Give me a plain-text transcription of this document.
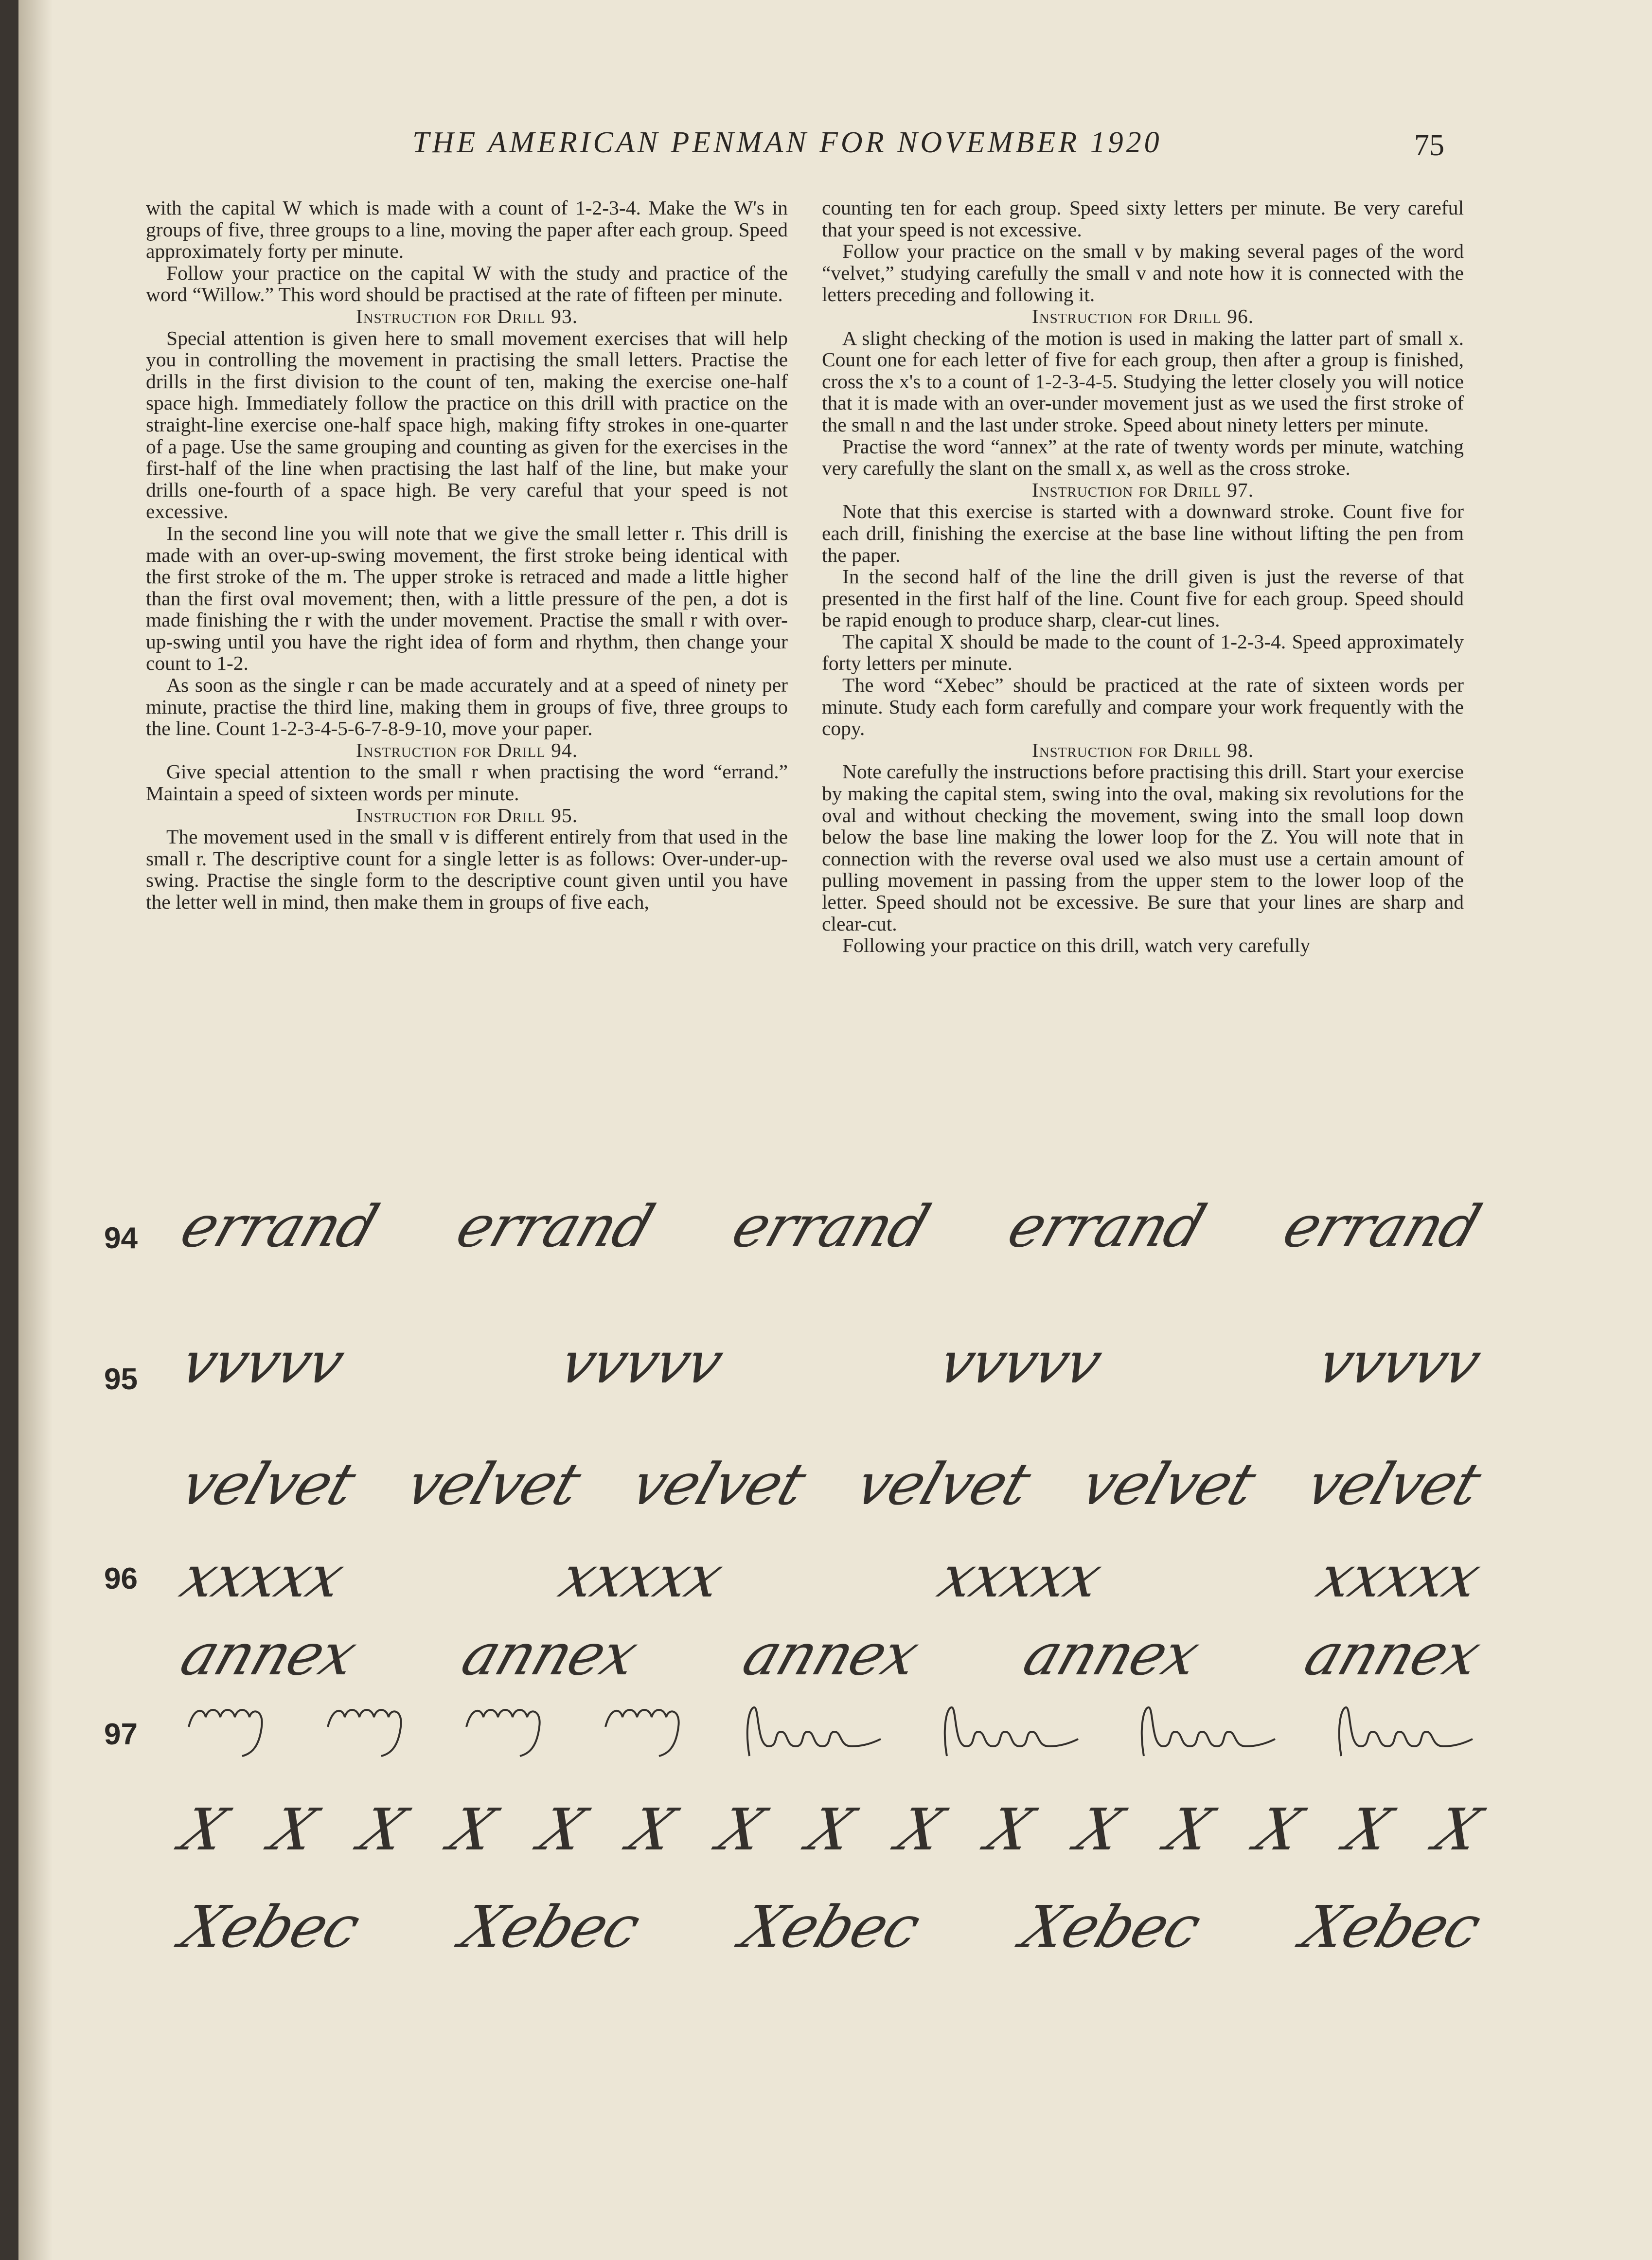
THE AMERICAN PENMAN FOR NOVEMBER 1920	75

with the capital W which is made with a count of 1-2-3-4. Make the W's in groups of five, three groups to a line, moving the paper after each group. Speed approximately forty per minute.

Follow your practice on the capital W with the study and practice of the word “Willow.” This word should be practised at the rate of fifteen per minute.

Instruction for Drill 93.

Special attention is given here to small movement exercises that will help you in controlling the movement in practising the small letters. Practise the drills in the first division to the count of ten, making the exercise one-half space high. Immediately follow the practice on this drill with practice on the straight-line exercise one-half space high, making fifty strokes in one-quarter of a page. Use the same grouping and counting as given for the exercises in the first-half of the line when practising the last half of the line, but make your drills one-fourth of a space high. Be very careful that your speed is not excessive.

In the second line you will note that we give the small letter r. This drill is made with an over-up-swing movement, the first stroke being identical with the first stroke of the m. The upper stroke is retraced and made a little higher than the first oval movement; then, with a little pressure of the pen, a dot is made finishing the r with the under movement. Practise the small r with over-up-swing until you have the right idea of form and rhythm, then change your count to 1-2.

As soon as the single r can be made accurately and at a speed of ninety per minute, practise the third line, making them in groups of five, three groups to the line. Count 1-2-3-4-5-6-7-8-9-10, move your paper.

Instruction for Drill 94.

Give special attention to the small r when practising the word “errand.” Maintain a speed of sixteen words per minute.

Instruction for Drill 95.

The movement used in the small v is different entirely from that used in the small r. The descriptive count for a single letter is as follows: Over-under-up-swing. Practise the single form to the descriptive count given until you have the letter well in mind, then make them in groups of five each,

counting ten for each group. Speed sixty letters per minute. Be very careful that your speed is not excessive.

Follow your practice on the small v by making several pages of the word “velvet,” studying carefully the small v and note how it is connected with the letters preceding and following it.

Instruction for Drill 96.

A slight checking of the motion is used in making the latter part of small x. Count one for each letter of five for each group, then after a group is finished, cross the x's to a count of 1-2-3-4-5. Studying the letter closely you will notice that it is made with an over-under movement just as we used the first stroke of the small n and the last under stroke. Speed about ninety letters per minute.

Practise the word “annex” at the rate of twenty words per minute, watching very carefully the slant on the small x, as well as the cross stroke.

Instruction for Drill 97.

Note that this exercise is started with a downward stroke. Count five for each drill, finishing the exercise at the base line without lifting the pen from the paper.

In the second half of the line the drill given is just the reverse of that presented in the first half of the line. Count five for each group. Speed should be rapid enough to produce sharp, clear-cut lines.

The capital X should be made to the count of 1-2-3-4. Speed approximately forty letters per minute.

The word “Xebec” should be practiced at the rate of sixteen words per minute. Study each form carefully and compare your work frequently with the copy.

Instruction for Drill 98.

Note carefully the instructions before practising this drill. Start your exercise by making the capital stem, swing into the oval, making six revolutions for the oval and without checking the movement, swing into the small loop down below the base line making the lower loop for the Z. You will note that in connection with the reverse oval used we also must use a certain amount of pulling movement in passing from the upper stem to the lower loop of the letter. Speed should not be excessive. Be sure that your lines are sharp and clear-cut.

Following your practice on this drill, watch very carefully

94
95
96
97
errand errand errand errand errand
vvvvv	vvvvv	vvvvv	vvvvv
velvet velvet velvet velvet velvet velvet
xxxxx	xxxxx	xxxxx	xxxxx
annex annex annex annex annex
X X X X X X X X X X X X X X X
Xebec Xebec Xebec Xebec Xebec
